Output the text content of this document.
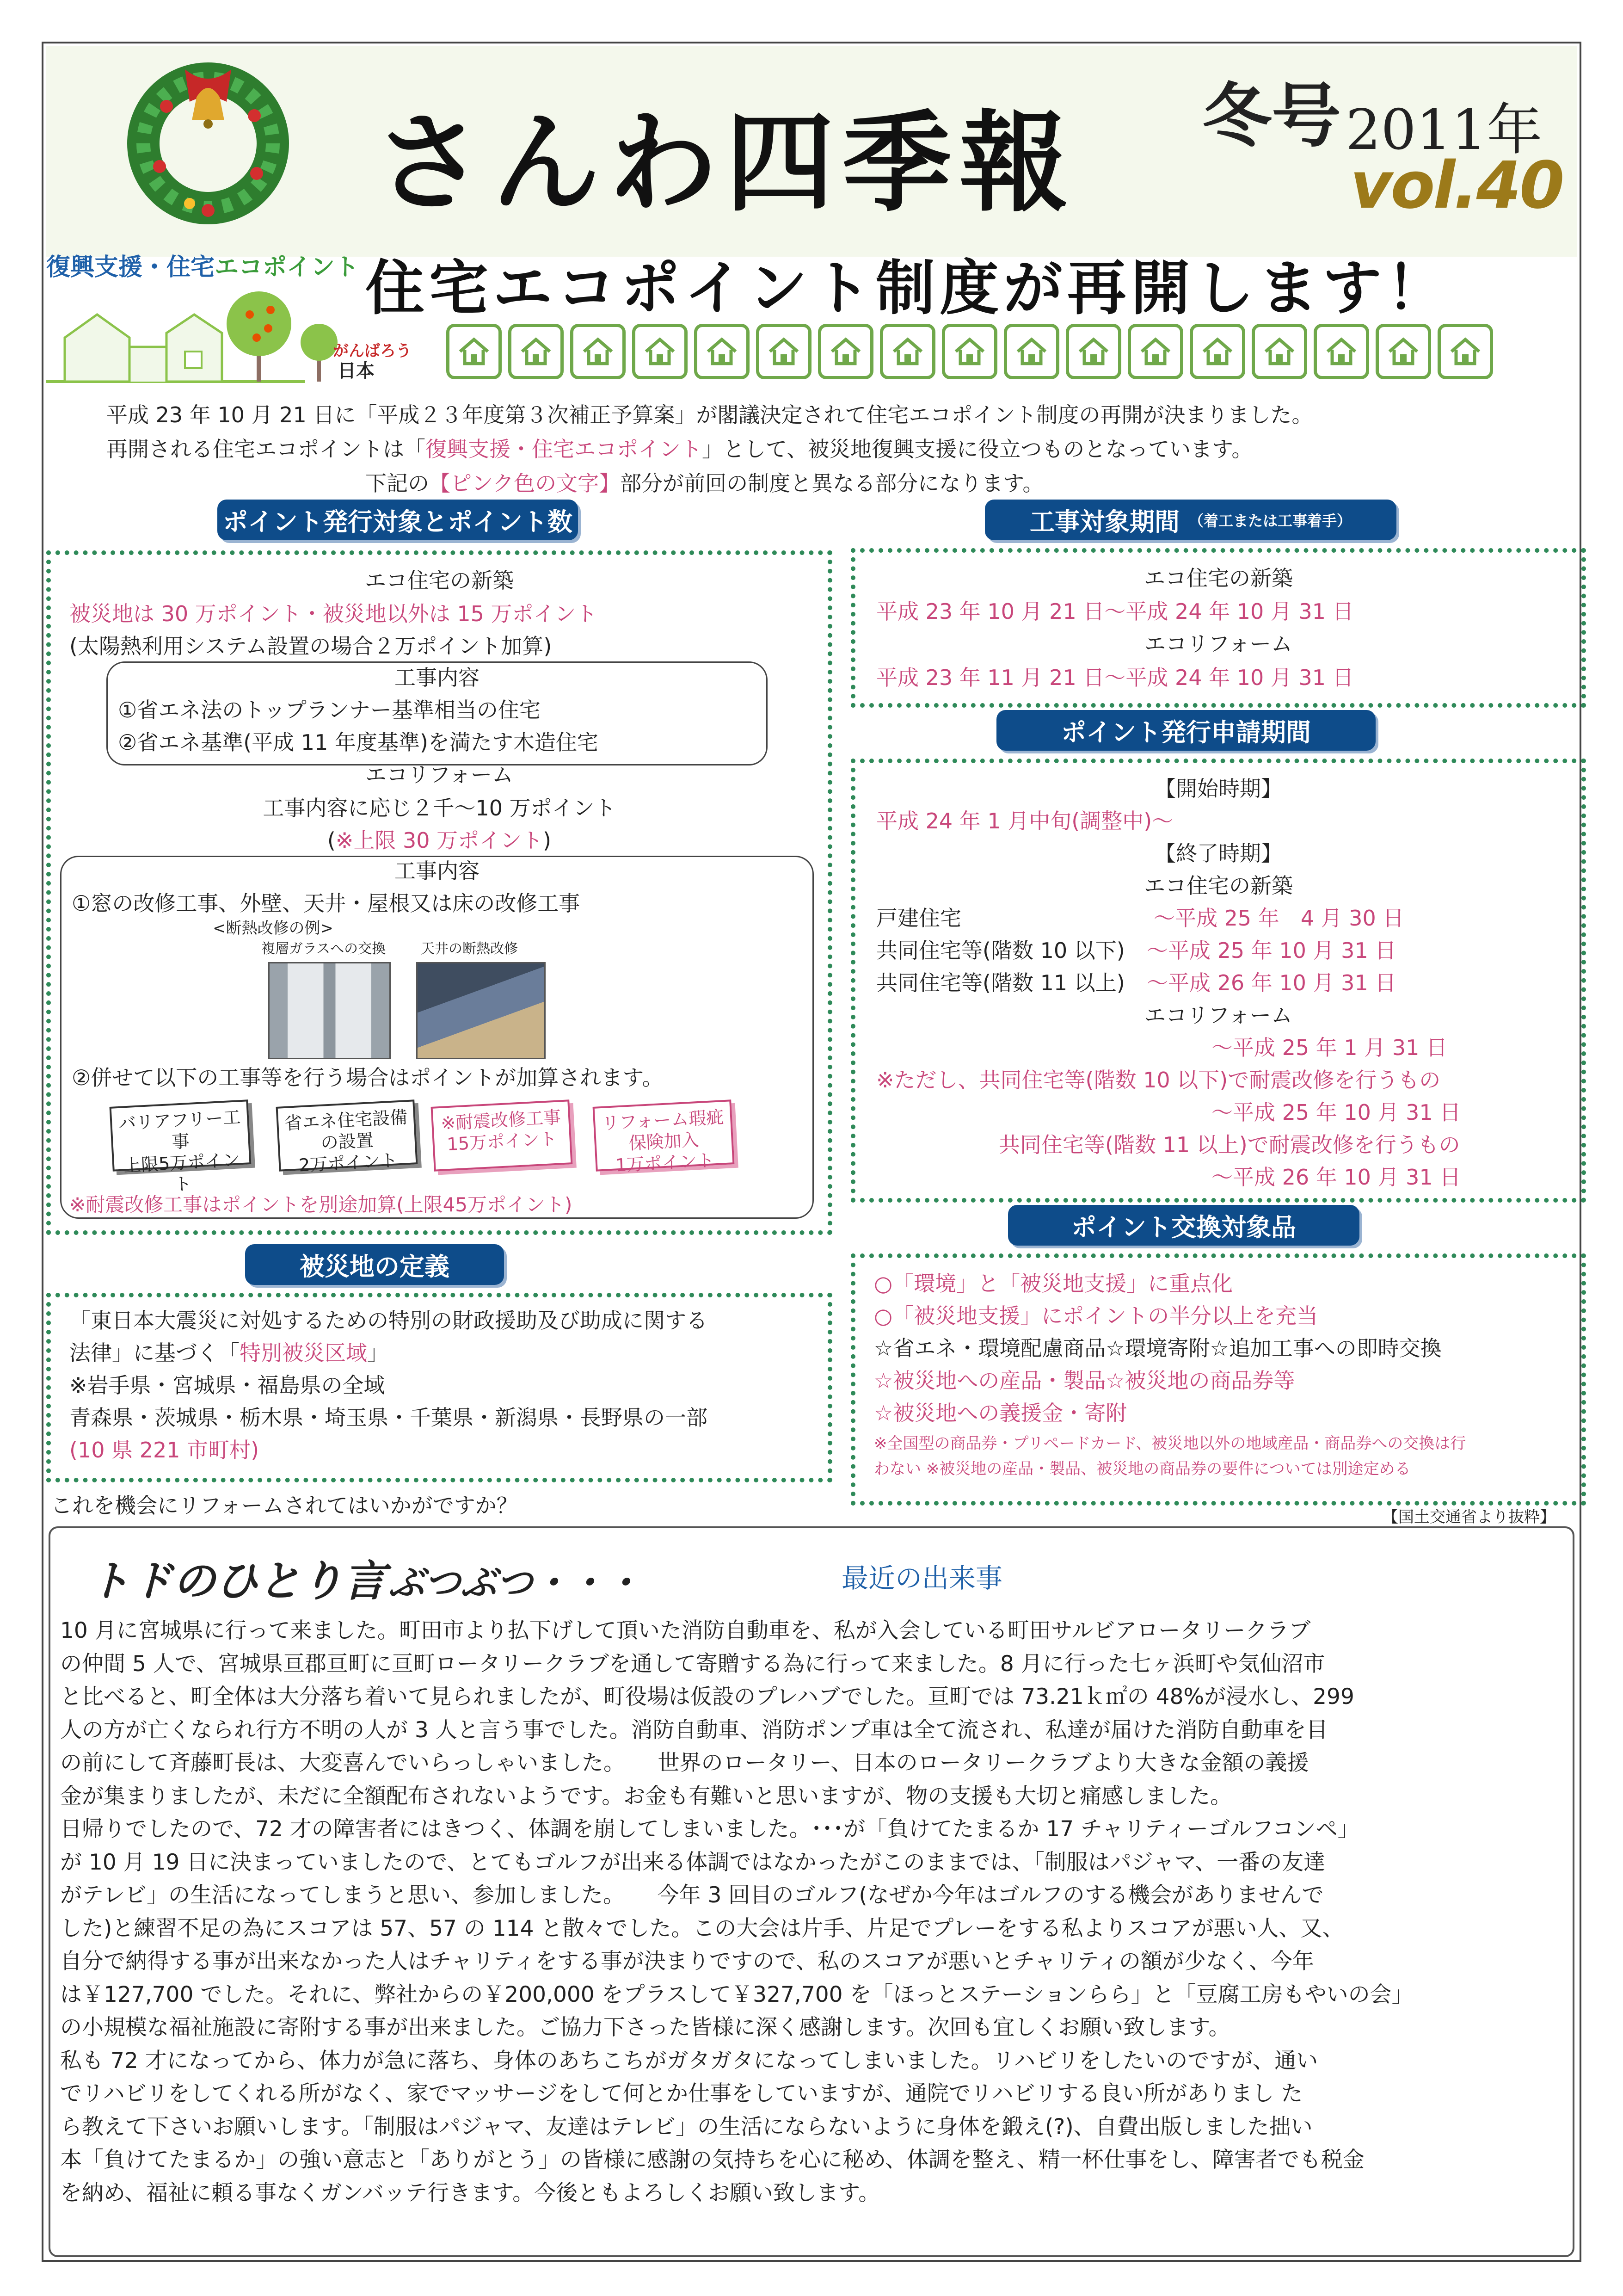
さんわ四季報 冬号 2011年
vol.40
復興支援・住宅エコポイント 住宅エコポイント制度が再開します！
がんばろう
日本
平成 23 年 10 月 21 日に「平成２３年度第３次補正予算案」が閣議決定されて住宅エコポイント制度の再開が決まりました。
再開される住宅エコポイントは「復興支援・住宅エコポイント」として、被災地復興支援に役立つものとなっています。
下記の【ピンク色の文字】部分が前回の制度と異なる部分になります。
ポイント発行対象とポイント数
エコ住宅の新築
被災地は 30 万ポイント・被災地以外は 15 万ポイント
(太陽熱利用システム設置の場合２万ポイント加算)
工事内容
①省エネ法のトップランナー基準相当の住宅
②省エネ基準(平成 11 年度基準)を満たす木造住宅
エコリフォーム
工事内容に応じ２千〜10 万ポイント
(※上限 30 万ポイント)
工事内容
①窓の改修工事、外壁、天井・屋根又は床の改修工事
<断熱改修の例>
複層ガラスへの交換	天井の断熱改修
②併せて以下の工事等を行う場合はポイントが加算されます。
バリアフリー工事
上限5万ポイント
省エネ住宅設備の設置
2万ポイント
※耐震改修工事
15万ポイント
リフォーム瑕疵保険加入
1万ポイント
※耐震改修工事はポイントを別途加算(上限45万ポイント)
被災地の定義
「東日本大震災に対処するための特別の財政援助及び助成に関する
法律」に基づく「特別被災区域」
※岩手県・宮城県・福島県の全域
青森県・茨城県・栃木県・埼玉県・千葉県・新潟県・長野県の一部
(10 県 221 市町村)
これを機会にリフォームされてはいかがですか？
工事対象期間 （着工または工事着手）
エコ住宅の新築
平成 23 年 10 月 21 日〜平成 24 年 10 月 31 日
エコリフォーム
平成 23 年 11 月 21 日〜平成 24 年 10 月 31 日
ポイント発行申請期間
【開始時期】
平成 24 年 1 月中旬(調整中)〜
【終了時期】
エコ住宅の新築
戸建住宅	〜平成 25 年　4 月 30 日
共同住宅等(階数 10 以下) 〜平成 25 年 10 月 31 日
共同住宅等(階数 11 以上) 〜平成 26 年 10 月 31 日
エコリフォーム
〜平成 25 年 1 月 31 日
※ただし、共同住宅等(階数 10 以下)で耐震改修を行うもの
〜平成 25 年 10 月 31 日
共同住宅等(階数 11 以上)で耐震改修を行うもの
〜平成 26 年 10 月 31 日
ポイント交換対象品
○「環境」と「被災地支援」に重点化
○「被災地支援」にポイントの半分以上を充当
☆省エネ・環境配慮商品☆環境寄附☆追加工事への即時交換
☆被災地への産品・製品☆被災地の商品券等
☆被災地への義援金・寄附
※全国型の商品券・プリペードカード、被災地以外の地域産品・商品券への交換は行
わない ※被災地の産品・製品、被災地の商品券の要件については別途定める
【国土交通省より抜粋】
トドのひとり言 ぶつぶつ・・・	最近の出来事

10 月に宮城県に行って来ました。町田市より払下げして頂いた消防自動車を、私が入会している町田サルビアロータリークラブ

の仲間 5 人で、宮城県亘郡亘町に亘町ロータリークラブを通して寄贈する為に行って来ました。8 月に行った七ヶ浜町や気仙沼市

と比べると、町全体は大分落ち着いて見られましたが、町役場は仮設のプレハブでした。亘町では 73.21ｋ㎡の 48%が浸水し、299

人の方が亡くなられ行方不明の人が 3 人と言う事でした。消防自動車、消防ポンプ車は全て流され、私達が届けた消防自動車を目

の前にして斉藤町長は、大変喜んでいらっしゃいました。　　世界のロータリー、日本のロータリークラブより大きな金額の義援

金が集まりましたが、未だに全額配布されないようです。お金も有難いと思いますが、物の支援も大切と痛感しました。

日帰りでしたので、72 才の障害者にはきつく、体調を崩してしまいました。･･･が「負けてたまるか 17 チャリティーゴルフコンペ」

が 10 月 19 日に決まっていましたので、とてもゴルフが出来る体調ではなかったがこのままでは、「制服はパジャマ、一番の友達

がテレビ」の生活になってしまうと思い、参加しました。　　今年 3 回目のゴルフ(なぜか今年はゴルフのする機会がありませんで

した)と練習不足の為にスコアは 57、57 の 114 と散々でした。この大会は片手、片足でプレーをする私よりスコアが悪い人、又、

自分で納得する事が出来なかった人はチャリティをする事が決まりですので、私のスコアが悪いとチャリティの額が少なく、今年

は￥127,700 でした。それに、弊社からの￥200,000 をプラスして￥327,700 を「ほっとステーションらら」と「豆腐工房もやいの会」

の小規模な福祉施設に寄附する事が出来ました。ご協力下さった皆様に深く感謝します。次回も宜しくお願い致します。

私も 72 才になってから、体力が急に落ち、身体のあちこちがガタガタになってしまいました。リハビリをしたいのですが、通い

でリハビリをしてくれる所がなく、家でマッサージをして何とか仕事をしていますが、通院でリハビリする良い所がありまし た

ら教えて下さいお願いします。「制服はパジャマ、友達はテレビ」の生活にならないように身体を鍛え(?)、自費出版しました拙い

本「負けてたまるか」の強い意志と「ありがとう」の皆様に感謝の気持ちを心に秘め、体調を整え、精一杯仕事をし、障害者でも税金

を納め、福祉に頼る事なくガンバッテ行きます。今後ともよろしくお願い致します。
